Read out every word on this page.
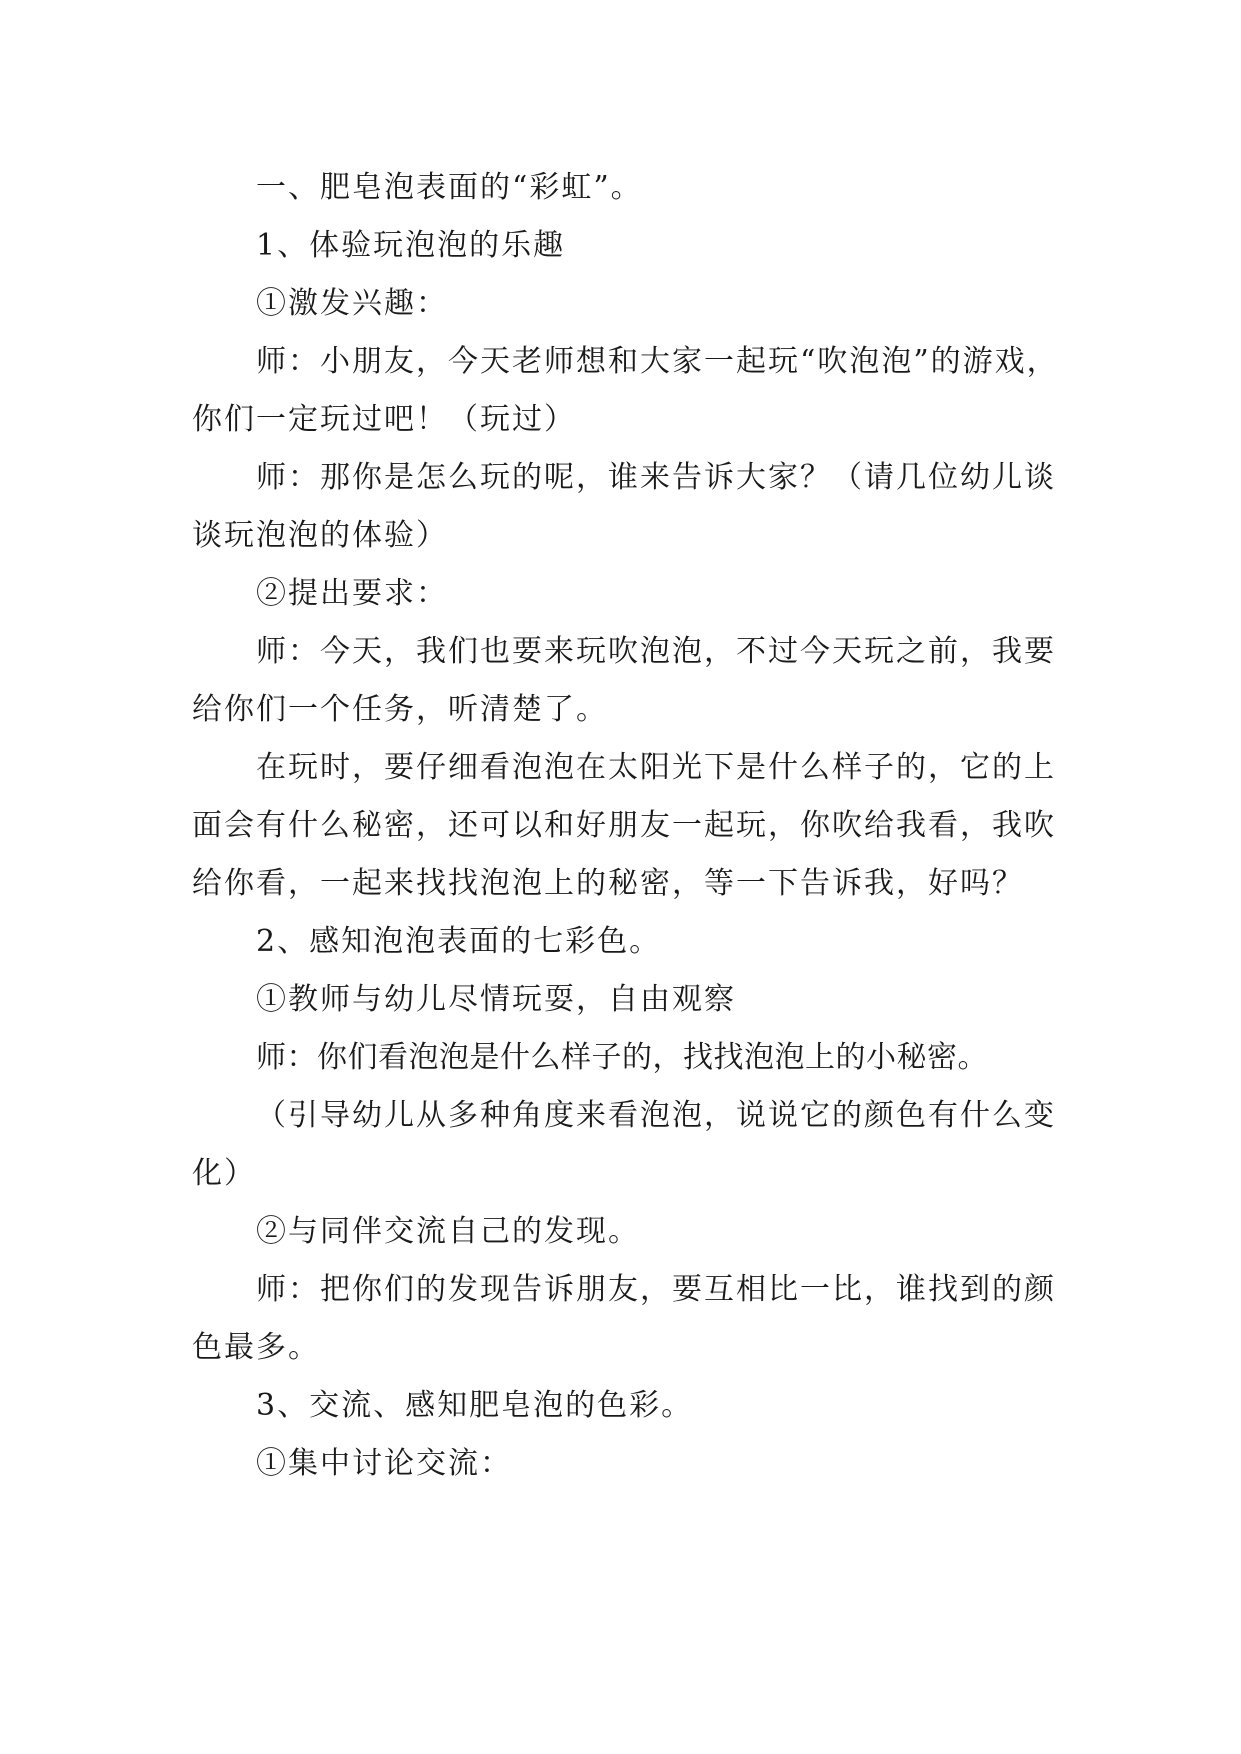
一、肥皂泡表面的“彩虹”。

1、体验玩泡泡的乐趣

①激发兴趣：

师：小朋友，今天老师想和大家一起玩“吹泡泡”的游戏，你们一定玩过吧！（玩过）

师：那你是怎么玩的呢，谁来告诉大家？（请几位幼儿谈谈玩泡泡的体验）

②提出要求：

师：今天，我们也要来玩吹泡泡，不过今天玩之前，我要给你们一个任务，听清楚了。

在玩时，要仔细看泡泡在太阳光下是什么样子的，它的上面会有什么秘密，还可以和好朋友一起玩，你吹给我看，我吹给你看，一起来找找泡泡上的秘密，等一下告诉我，好吗？

2、感知泡泡表面的七彩色。

①教师与幼儿尽情玩耍，自由观察

师：你们看泡泡是什么样子的，找找泡泡上的小秘密。

（引导幼儿从多种角度来看泡泡，说说它的颜色有什么变化）

②与同伴交流自己的发现。

师：把你们的发现告诉朋友，要互相比一比，谁找到的颜色最多。

3、交流、感知肥皂泡的色彩。

①集中讨论交流：
